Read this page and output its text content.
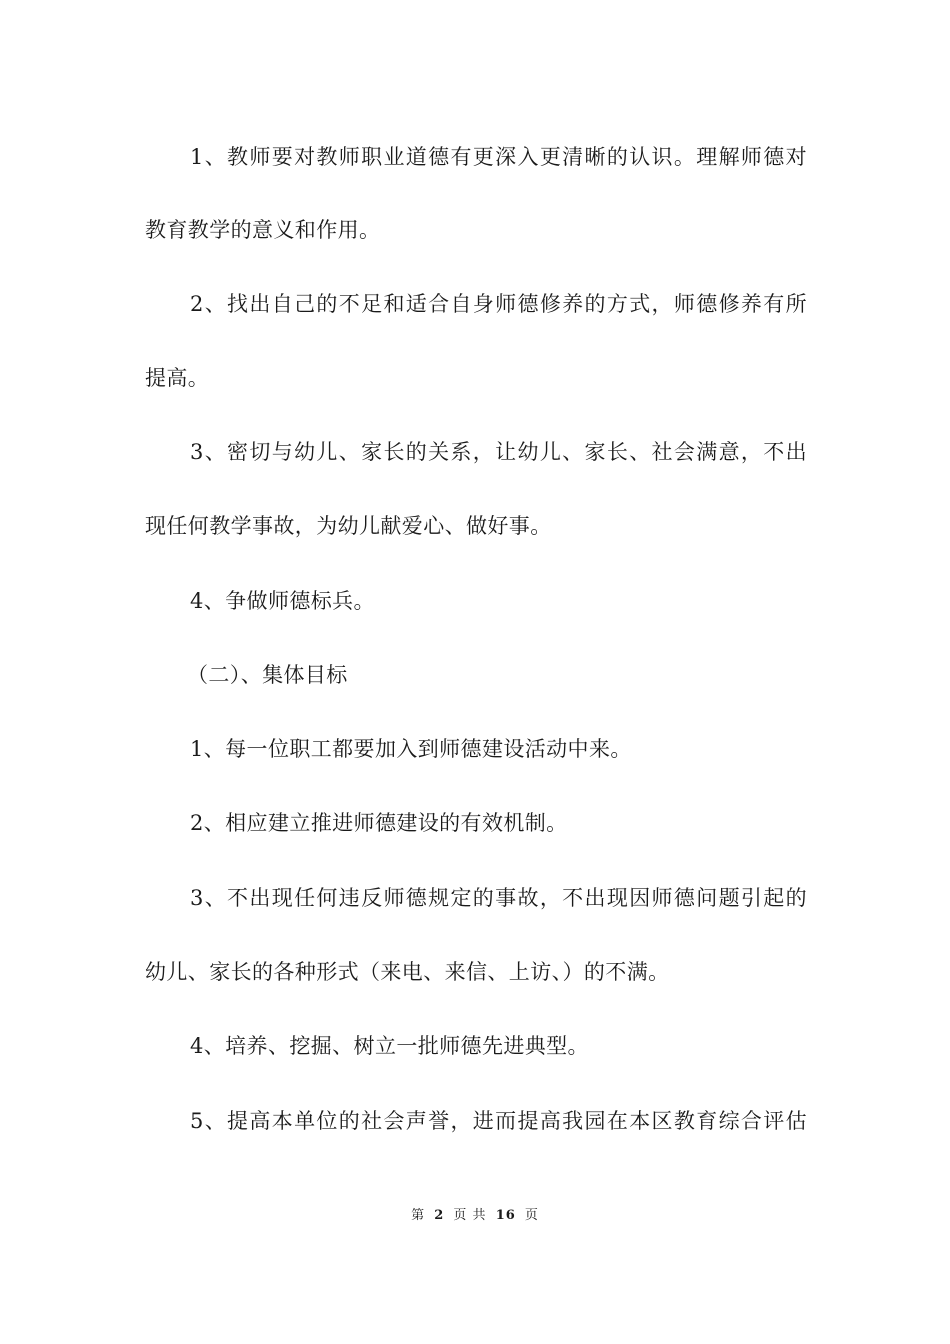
1、教师要对教师职业道德有更深入更清晰的认识。理解师德对
教育教学的意义和作用。
2、找出自己的不足和适合自身师德修养的方式，师德修养有所
提高。
3、密切与幼儿、家长的关系，让幼儿、家长、社会满意，不出
现任何教学事故，为幼儿献爱心、做好事。
4、争做师德标兵。
（二）、集体目标
1、每一位职工都要加入到师德建设活动中来。
2、相应建立推进师德建设的有效机制。
3、不出现任何违反师德规定的事故，不出现因师德问题引起的
幼儿、家长的各种形式（来电、来信、上访、）的不满。
4、培养、挖掘、树立一批师德先进典型。
5、提高本单位的社会声誉，进而提高我园在本区教育综合评估
第 2 页 共 16 页
